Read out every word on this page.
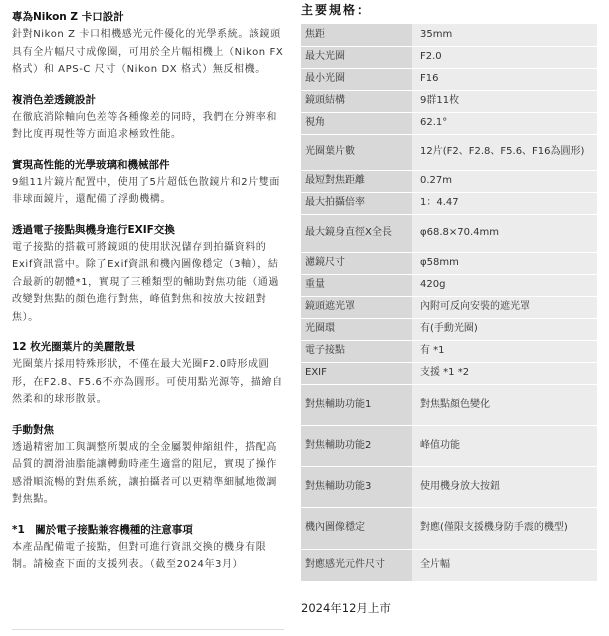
專為Nikon Z 卡口設計

針對Nikon Z 卡口相機感光元件優化的光學系統。該鏡頭具有全片幅尺寸成像圈，可用於全片幅相機上（Nikon FX 格式）和 APS-C 尺寸（Nikon DX 格式）無反相機。

複消色差透鏡設計

在徹底消除軸向色差等各種像差的同時，我們在分辨率和對比度再現性等方面追求極致性能。

實現高性能的光學玻璃和機械部件

9組11片鏡片配置中，使用了5片超低色散鏡片和2片雙面非球面鏡片，還配備了浮動機構。

透過電子接點與機身進行EXIF交換

電子接點的搭載可將鏡頭的使用狀況儲存到拍攝資料的Exif資訊當中。除了Exif資訊和機內圖像穩定（3軸），結合最新的韌體*1，實現了三種類型的輔助對焦功能（通過改變對焦點的顏色進行對焦，峰值對焦和按放大按鈕對焦）。

12 枚光圈葉片的美麗散景

光圈葉片採用特殊形狀，不僅在最大光圈F2.0時形成圓形，在F2.8、F5.6不亦為圓形。可使用點光源等，描繪自然柔和的球形散景。

手動對焦

透過精密加工與調整所製成的全金屬製伸縮組件，搭配高品質的潤滑油脂能讓轉動時產生適當的阻尼，實現了操作感滑順流暢的對焦系統，讓拍攝者可以更精準細膩地微調對焦點。

*1　關於電子接點兼容機種的注意事項

本產品配備電子接點，但對可進行資訊交換的機身有限制。請檢查下面的支援列表。（截至2024年3月）

主要規格：
焦距	35mm
最大光圈	F2.0
最小光圈	F16
鏡頭結構	9群11枚
視角	62.1°
光圈葉片數	12片(F2、F2.8、F5.6、F16為圓形)
最短對焦距離	0.27m
最大拍攝倍率	1：4.47
最大鏡身直徑X全長	φ68.8×70.4mm
濾鏡尺寸	φ58mm
重量	420g
鏡頭遮光罩	內附可反向安裝的遮光罩
光圈環	有(手動光圈)
電子接點	有 *1
EXIF	支援 *1 *2
對焦輔助功能1	對焦點顏色變化
對焦輔助功能2	峰值功能
對焦輔助功能3	使用機身放大按鈕
機內圖像穩定	對應(僅限支援機身防手震的機型)
對應感光元件尺寸	全片幅
2024年12月上市
